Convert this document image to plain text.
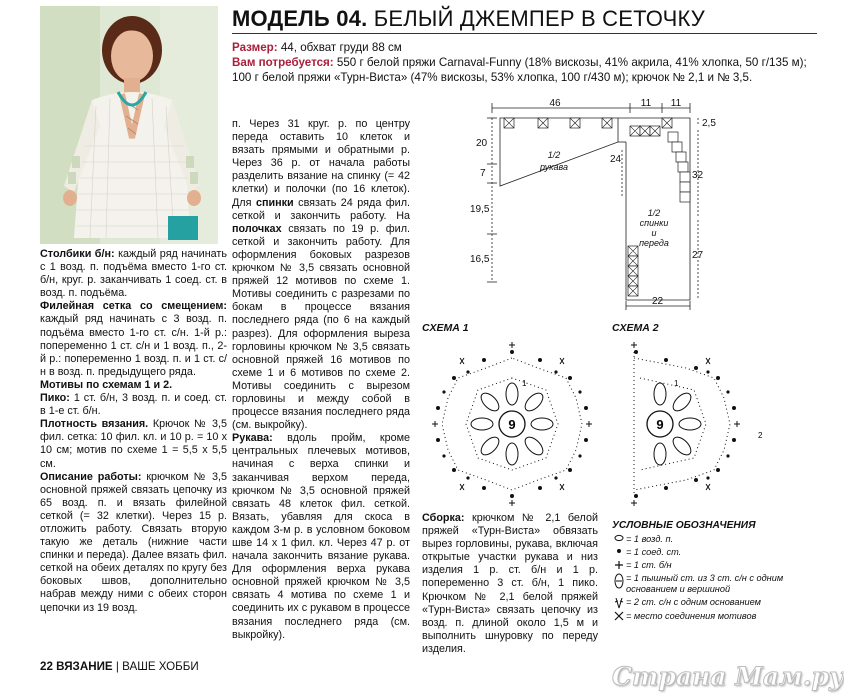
МОДЕЛЬ 04. БЕЛЫЙ ДЖЕМПЕР В СЕТОЧКУ
Размер: 44, обхват груди 88 см
Вам потребуется: 550 г белой пряжи Carnaval-Funny (18% вискозы, 41% акрила, 41% хлопка, 50 г/135 м); 100 г белой пряжи «Турн-Виста» (47% вискозы, 53% хлопка, 100 г/430 м); крючок № 2,1 и № 3,5.

Столбики б/н: каждый ряд начинать с 1 возд. п. подъёма вместо 1-го ст. б/н, круг. р. заканчивать 1 соед. ст. в возд. п. подъёма.

Филейная сетка со смещением: каждый ряд начинать с 3 возд. п. подъёма вместо 1-го ст. с/н. 1-й р.: попеременно 1 ст. с/н и 1 возд. п., 2-й р.: попеременно 1 возд. п. и 1 ст. с/н в возд. п. предыдущего ряда.

Мотивы по схемам 1 и 2.

Пико: 1 ст. б/н, 3 возд. п. и соед. ст. в 1-е ст. б/н.

Плотность вязания. Крючок № 3,5 фил. сетка: 10 фил. кл. и 10 р. = 10 х 10 см; мотив по схеме 1 = 5,5 х 5,5 см.

Описание работы: крючком № 3,5 основной пряжей связать цепочку из 65 возд. п. и вязать филейной сеткой (= 32 клетки). Через 15 р. отложить работу. Связать вторую такую же деталь (нижние части спинки и переда). Далее вязать фил. сеткой на обеих деталях по кругу без боковых швов, дополнительно набрав между ними с обеих сторон цепочки из 19 возд.

п. Через 31 круг. р. по центру переда оставить 10 клеток и вязать прямыми и обратными р. Через 36 р. от начала работы разделить вязание на спинку (= 42 клетки) и полочки (по 16 клеток). Для спинки связать 24 ряда фил. сеткой и закончить работу. На полочках связать по 19 р. фил. сеткой и закончить работу. Для оформления боковых разрезов крючком № 3,5 связать основной пряжей 12 мотивов по схеме 1. Мотивы соединить с разрезами по бокам в процессе вязания последнего ряда (по 6 на каждый разрез). Для оформления выреза горловины крючком № 3,5 связать основной пряжей 16 мотивов по схеме 1 и 6 мотивов по схеме 2. Мотивы соединить с вырезом горловины и между собой в процессе вязания последнего ряда (см. выкройку).

Рукава: вдоль пройм, кроме центральных плечевых мотивов, начиная с верха спинки и заканчивая верхом переда, крючком № 3,5 основной пряжей связать 48 клеток фил. сеткой. Вязать, убавляя для скоса в каждом 3-м р. в условном боковом шве 14 х 1 фил. кл. Через 47 р. от начала закончить вязание рукава. Для оформления верха рукава основной пряжей крючком № 3,5 связать 4 мотива по схеме 1 и соединить их с рукавом в процессе вязания последнего ряда (см. выкройку).

46	11 11
2,5
20
7
19,5
16,5
24
32
27
22
1/2
рукава
1/2
спинки
и
переда
СХЕМА 1	СХЕМА 2
9
1
9
1
2
Сборка: крючком № 2,1 белой пряжей «Турн-Виста» обвязать вырез горловины, рукава, включая открытые участки рукава и низ изделия 1 р. ст. б/н и 1 р. попеременно 3 ст. б/н, 1 пико. Крючком № 2,1 белой пряжей «Турн-Виста» связать цепочку из возд. п. длиной около 1,5 м и выполнить шнуровку по переду изделия.
УСЛОВНЫЕ ОБОЗНАЧЕНИЯ
= 1 возд. п.
= 1 соед. ст.
= 1 ст. б/н
= 1 пышный ст. из 3 ст. с/н с одним основанием и вершиной
= 2 ст. с/н с одним основанием
= место соединения мотивов
22 ВЯЗАНИЕ | ВАШЕ ХОББИ	Страна Мам.ру
